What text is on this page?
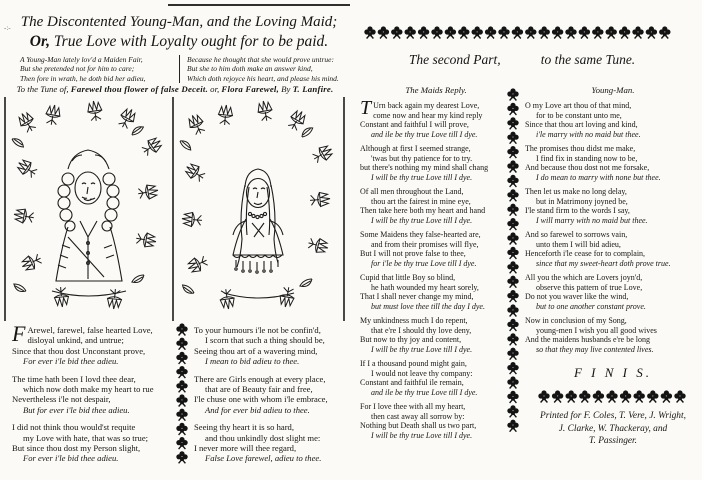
-:- The Discontented Young-Man, and the Loving Maid;
Or, True Love with Loyalty ought for to be paid.

A Young-Man lately lov'd a Maiden Fair,

But she pretended not for him to care;

Then fore in wrath, he doth bid her adieu,

Because he thought that she would prove untrue:

But she to him doth make an answer kind,

Which doth rejoyce his heart, and please his mind.

To the Tune of, Farewel thou flower of false Deceit. or, Flora Farewel, By T. Lanfire.

F Arewel, farewel, false hearted Love,

disloyal unkind, and untrue;

Since that thou dost Unconstant prove,

For ever i'le bid thee adieu.

The time hath been I lovd thee dear,

which now doth make my heart to rue

Nevertheless i'le not despair,

But for ever i'le bid thee adieu.

I did not think thou would'st requite

my Love with hate, that was so true;

But since thou dost my Person slight,

For ever i'le bid thee adieu.

To your humours i'le not be confin'd,

I scorn that such a thing should be,

Seeing thou art of a wavering mind,

I mean to bid adieu to thee.

There are Girls enough at every place,

that are of Beauty fair and free,

I'le chuse one with whom i'le embrace,

And for ever bid adieu to thee.

Seeing thy heart it is so hard,

and thou unkindly dost slight me:

I never more will thee regard,

False Love farewel, adieu to thee.

The second Part,	to the same Tune.
The Maids Reply.

T Urn back again my dearest Love,

come now and hear my kind reply

Constant and faithful I will prove,

and ile be thy true Love till I dye.

Although at first I seemed strange,

'twas but thy patience for to try.

but there's nothing my mind shall chang

I will be thy true Love till I dye.

Of all men throughout the Land,

thou art the fairest in mine eye,

Then take here both my heart and hand

I will be thy true Love till I dye.

Some Maidens they false-hearted are,

and from their promises will flye,

But I will not prove false to thee,

for i'le be thy true Love till I dye.

Cupid that little Boy so blind,

he hath wounded my heart sorely,

That I shall never change my mind,

but must love thee till the day I dye.

My unkindness much I do repent,

that e're I should thy love deny,

But now to thy joy and content,

I will be thy true Love till I dye.

If I a thousand pound might gain,

I would not leave thy company:

Constant and faithful ile remain,

and ile be thy true Love till I dye.

For I love thee with all my heart,

then cast away all sorrow by:

Nothing but Death shall us two part,

I will be thy true Love till I dye.

Young-Man.

O my Love art thou of that mind,

for to be constant unto me,

Since that thou art loving and kind,

i'le marry with no maid but thee.

The promises thou didst me make,

I find fix in standing now to be,

And because thou dost not me forsake,

I do mean to marry with none but thee.

Then let us make no long delay,

but in Matrimony joyned be,

I'le stand firm to the words I say,

I will marry with no maid but thee.

And so farewel to sorrows vain,

unto them I will bid adieu,

Henceforth i'le cease for to complain,

since that my sweet-heart doth prove true.

All you the which are Lovers joyn'd,

observe this pattern of true Love,

Do not you waver like the wind,

but to one another constant prove.

Now in conclusion of my Song,

young-men I wish you all good wives

And the maidens husbands e're be long

so that they may live contented lives.

F I N I S.

Printed for F. Coles, T. Vere, J. Wright,

J. Clarke, W. Thackeray, and

T. Passinger.
